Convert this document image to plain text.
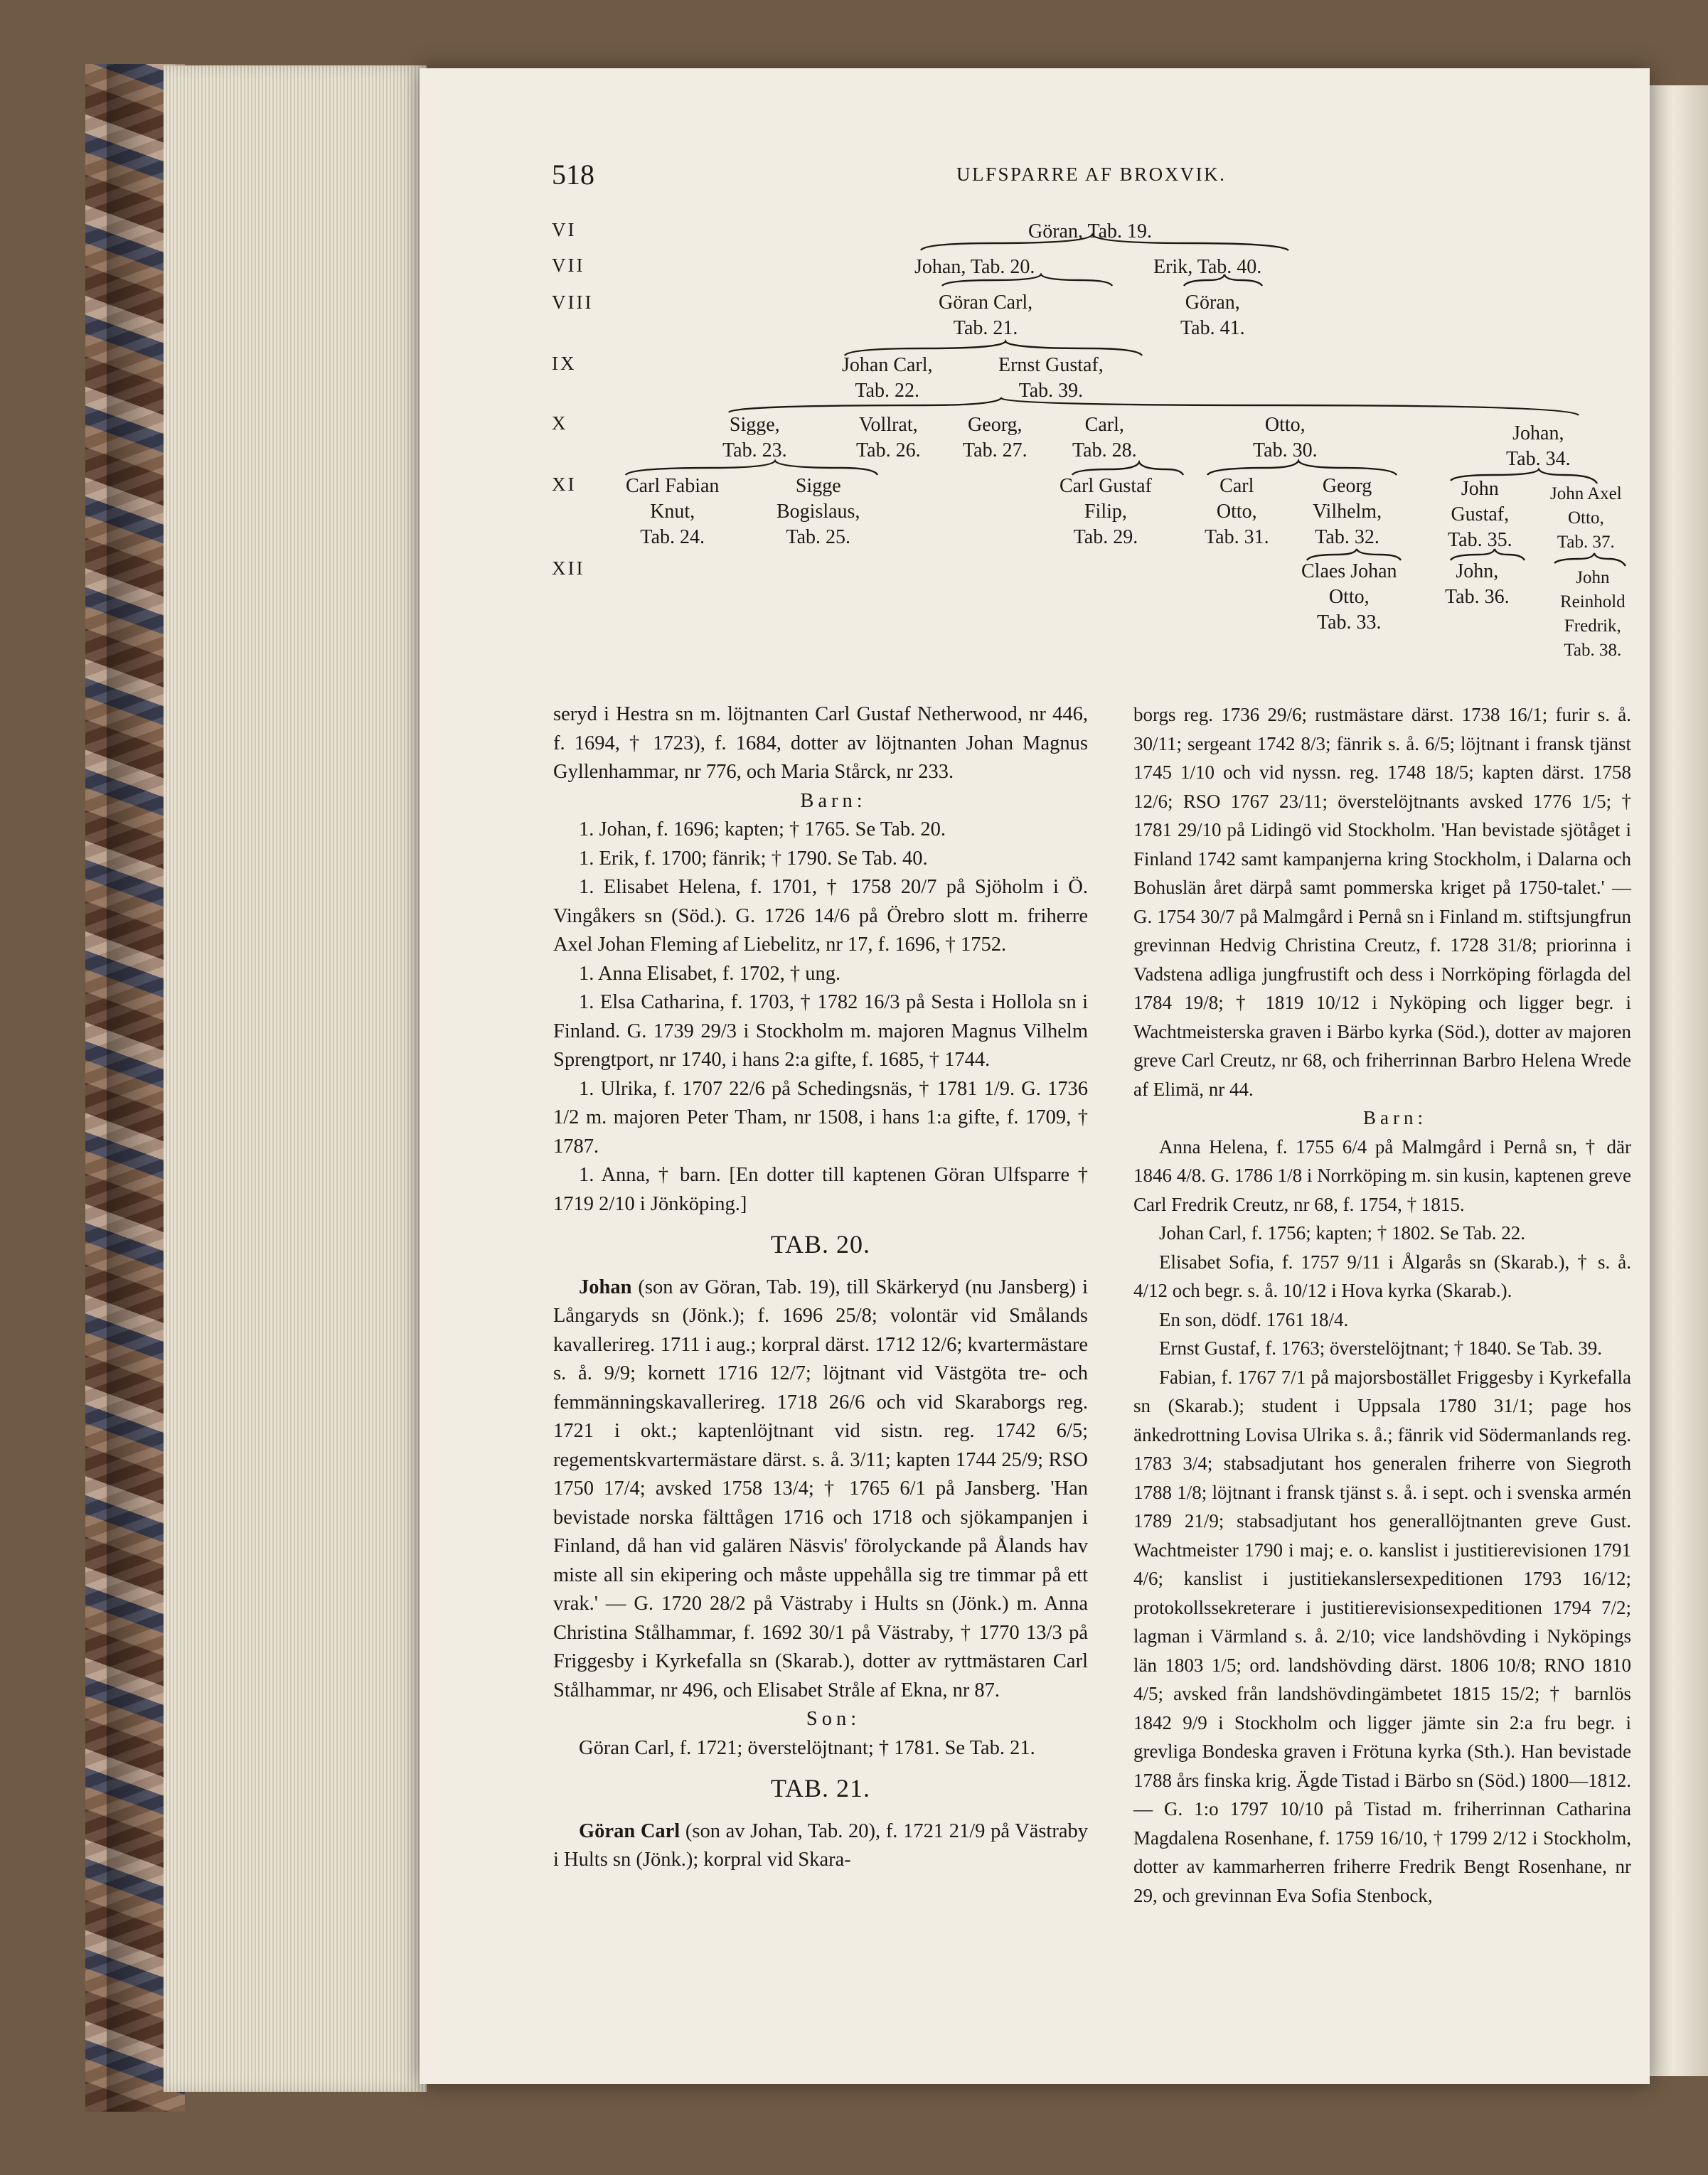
518	ULFSPARRE AF BROXVIK.
VI
VII
VIII
IX
X
XI
XII
Göran, Tab. 19.
Johan, Tab. 20.	Erik, Tab. 40.
Göran Carl,
Tab. 21.
Göran,
Tab. 41.
Johan Carl,
Tab. 22.
Ernst Gustaf,
Tab. 39.
Sigge,
Tab. 23.
Vollrat,
Tab. 26.
Georg,
Tab. 27.
Carl,
Tab. 28.
Otto,
Tab. 30.
Johan,
Tab. 34.
Carl Fabian
Knut,
Tab. 24.
Sigge
Bogislaus,
Tab. 25.
Carl Gustaf
Filip,
Tab. 29.
Carl
Otto,
Tab. 31.
Georg
Vilhelm,
Tab. 32.
John
Gustaf,
Tab. 35.
John Axel
Otto,
Tab. 37.
Claes Johan
Otto,
Tab. 33.
John,
Tab. 36.
John
Reinhold
Fredrik,
Tab. 38.

seryd i Hestra sn m. löjtnanten Carl Gustaf Netherwood, nr 446, f. 1694, † 1723), f. 1684, dotter av löjtnanten Johan Magnus Gyllenhammar, nr 776, och Maria Stårck, nr 233.

Barn:

1. Johan, f. 1696; kapten; † 1765. Se Tab. 20.

1. Erik, f. 1700; fänrik; † 1790. Se Tab. 40.

1. Elisabet Helena, f. 1701, † 1758 20/7 på Sjöholm i Ö. Vingåkers sn (Söd.). G. 1726 14/6 på Örebro slott m. friherre Axel Johan Fleming af Liebelitz, nr 17, f. 1696, † 1752.

1. Anna Elisabet, f. 1702, † ung.

1. Elsa Catharina, f. 1703, † 1782 16/3 på Sesta i Hollola sn i Finland. G. 1739 29/3 i Stockholm m. majoren Magnus Vilhelm Sprengtport, nr 1740, i hans 2:a gifte, f. 1685, † 1744.

1. Ulrika, f. 1707 22/6 på Schedingsnäs, † 1781 1/9. G. 1736 1/2 m. majoren Peter Tham, nr 1508, i hans 1:a gifte, f. 1709, † 1787.

1. Anna, † barn. [En dotter till kaptenen Göran Ulfsparre † 1719 2/10 i Jönköping.]

TAB. 20.

Johan (son av Göran, Tab. 19), till Skärkeryd (nu Jansberg) i Långaryds sn (Jönk.); f. 1696 25/8; volontär vid Smålands kavallerireg. 1711 i aug.; korpral därst. 1712 12/6; kvartermästare s. å. 9/9; kornett 1716 12/7; löjtnant vid Västgöta tre- och femmänningskavallerireg. 1718 26/6 och vid Skaraborgs reg. 1721 i okt.; kaptenlöjtnant vid sistn. reg. 1742 6/5; regementskvartermästare därst. s. å. 3/11; kapten 1744 25/9; RSO 1750 17/4; avsked 1758 13/4; † 1765 6/1 på Jansberg. 'Han bevistade norska fälttågen 1716 och 1718 och sjökampanjen i Finland, då han vid galären Näsvis' förolyckande på Ålands hav miste all sin ekipering och måste uppehålla sig tre timmar på ett vrak.' — G. 1720 28/2 på Västraby i Hults sn (Jönk.) m. Anna Christina Stålhammar, f. 1692 30/1 på Västraby, † 1770 13/3 på Friggesby i Kyrkefalla sn (Skarab.), dotter av ryttmästaren Carl Stålhammar, nr 496, och Elisabet Stråle af Ekna, nr 87.

Son:

Göran Carl, f. 1721; överstelöjtnant; † 1781. Se Tab. 21.

TAB. 21.

Göran Carl (son av Johan, Tab. 20), f. 1721 21/9 på Västraby i Hults sn (Jönk.); korpral vid Skara-

borgs reg. 1736 29/6; rustmästare därst. 1738 16/1; furir s. å. 30/11; sergeant 1742 8/3; fänrik s. å. 6/5; löjtnant i fransk tjänst 1745 1/10 och vid nyssn. reg. 1748 18/5; kapten därst. 1758 12/6; RSO 1767 23/11; överstelöjtnants avsked 1776 1/5; † 1781 29/10 på Lidingö vid Stockholm. 'Han bevistade sjötåget i Finland 1742 samt kampanjerna kring Stockholm, i Dalarna och Bohuslän året därpå samt pommerska kriget på 1750-talet.' — G. 1754 30/7 på Malmgård i Pernå sn i Finland m. stiftsjungfrun grevinnan Hedvig Christina Creutz, f. 1728 31/8; priorinna i Vadstena adliga jungfrustift och dess i Norrköping förlagda del 1784 19/8; † 1819 10/12 i Nyköping och ligger begr. i Wachtmeisterska graven i Bärbo kyrka (Söd.), dotter av majoren greve Carl Creutz, nr 68, och friherrinnan Barbro Helena Wrede af Elimä, nr 44.

Barn:

Anna Helena, f. 1755 6/4 på Malmgård i Pernå sn, † där 1846 4/8. G. 1786 1/8 i Norrköping m. sin kusin, kaptenen greve Carl Fredrik Creutz, nr 68, f. 1754, † 1815.

Johan Carl, f. 1756; kapten; † 1802. Se Tab. 22.

Elisabet Sofia, f. 1757 9/11 i Ålgarås sn (Skarab.), † s. å. 4/12 och begr. s. å. 10/12 i Hova kyrka (Skarab.).

En son, dödf. 1761 18/4.

Ernst Gustaf, f. 1763; överstelöjtnant; † 1840. Se Tab. 39.

Fabian, f. 1767 7/1 på majorsbostället Friggesby i Kyrkefalla sn (Skarab.); student i Uppsala 1780 31/1; page hos änkedrottning Lovisa Ulrika s. å.; fänrik vid Södermanlands reg. 1783 3/4; stabsadjutant hos generalen friherre von Siegroth 1788 1/8; löjtnant i fransk tjänst s. å. i sept. och i svenska armén 1789 21/9; stabsadjutant hos generallöjtnanten greve Gust. Wachtmeister 1790 i maj; e. o. kanslist i justitierevisionen 1791 4/6; kanslist i justitiekanslersexpeditionen 1793 16/12; protokollssekreterare i justitierevisionsexpeditionen 1794 7/2; lagman i Värmland s. å. 2/10; vice landshövding i Nyköpings län 1803 1/5; ord. landshövding därst. 1806 10/8; RNO 1810 4/5; avsked från landshövdingämbetet 1815 15/2; † barnlös 1842 9/9 i Stockholm och ligger jämte sin 2:a fru begr. i grevliga Bondeska graven i Frötuna kyrka (Sth.). Han bevistade 1788 års finska krig. Ägde Tistad i Bärbo sn (Söd.) 1800—1812. — G. 1:o 1797 10/10 på Tistad m. friherrinnan Catharina Magdalena Rosenhane, f. 1759 16/10, † 1799 2/12 i Stockholm, dotter av kammarherren friherre Fredrik Bengt Rosenhane, nr 29, och grevinnan Eva Sofia Stenbock,
